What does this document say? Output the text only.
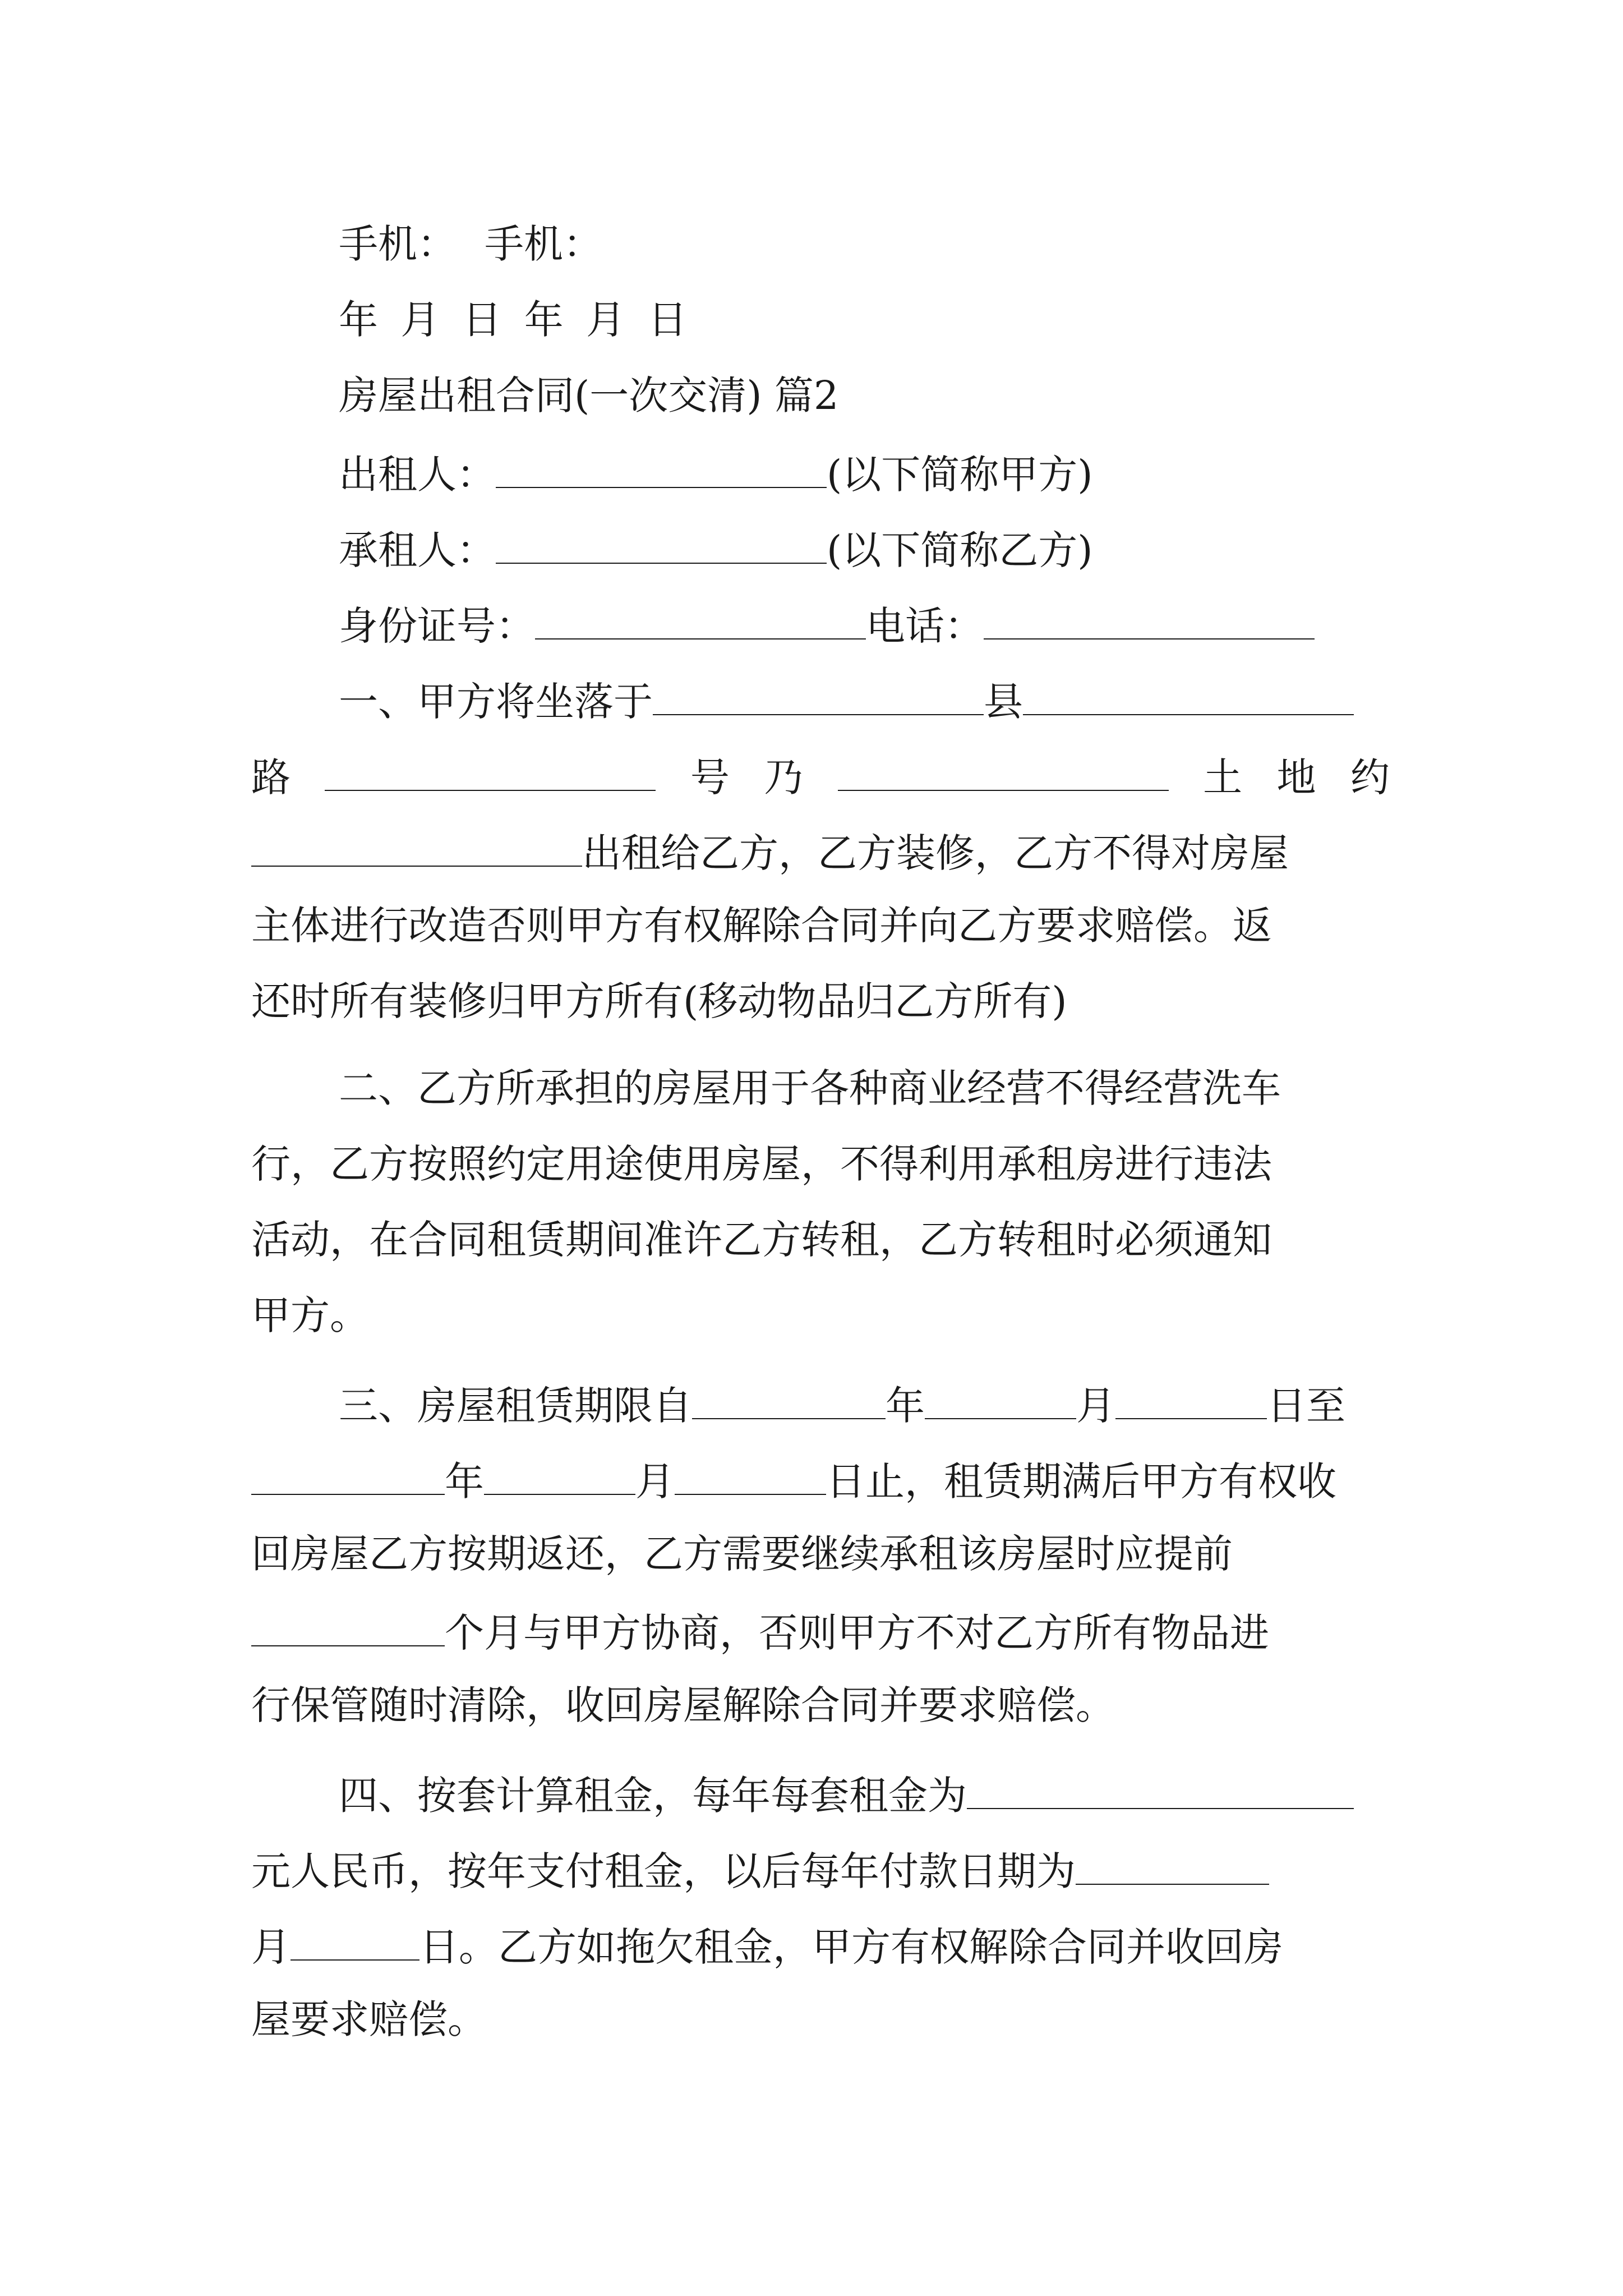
手机： 手机：
年 月 日 年 月 日
房屋出租合同(一次交清) 篇2
出租人：	(以下简称甲方)
承租人：	(以下简称乙方)
身份证号：	电话：
一、甲方将坐落于	县
路	号 乃	土 地 约
出租给乙方，乙方装修，乙方不得对房屋
主体进行改造否则甲方有权解除合同并向乙方要求赔偿。返
还时所有装修归甲方所有(移动物品归乙方所有)
二、乙方所承担的房屋用于各种商业经营不得经营洗车
行，乙方按照约定用途使用房屋，不得利用承租房进行违法
活动，在合同租赁期间准许乙方转租，乙方转租时必须通知
甲方。
三、房屋租赁期限自	年	月	日至
年	月	日止，租赁期满后甲方有权收
回房屋乙方按期返还，乙方需要继续承租该房屋时应提前
个月与甲方协商，否则甲方不对乙方所有物品进
行保管随时清除，收回房屋解除合同并要求赔偿。
四、按套计算租金，每年每套租金为
元人民币，按年支付租金，以后每年付款日期为
月	日。乙方如拖欠租金，甲方有权解除合同并收回房
屋要求赔偿。
